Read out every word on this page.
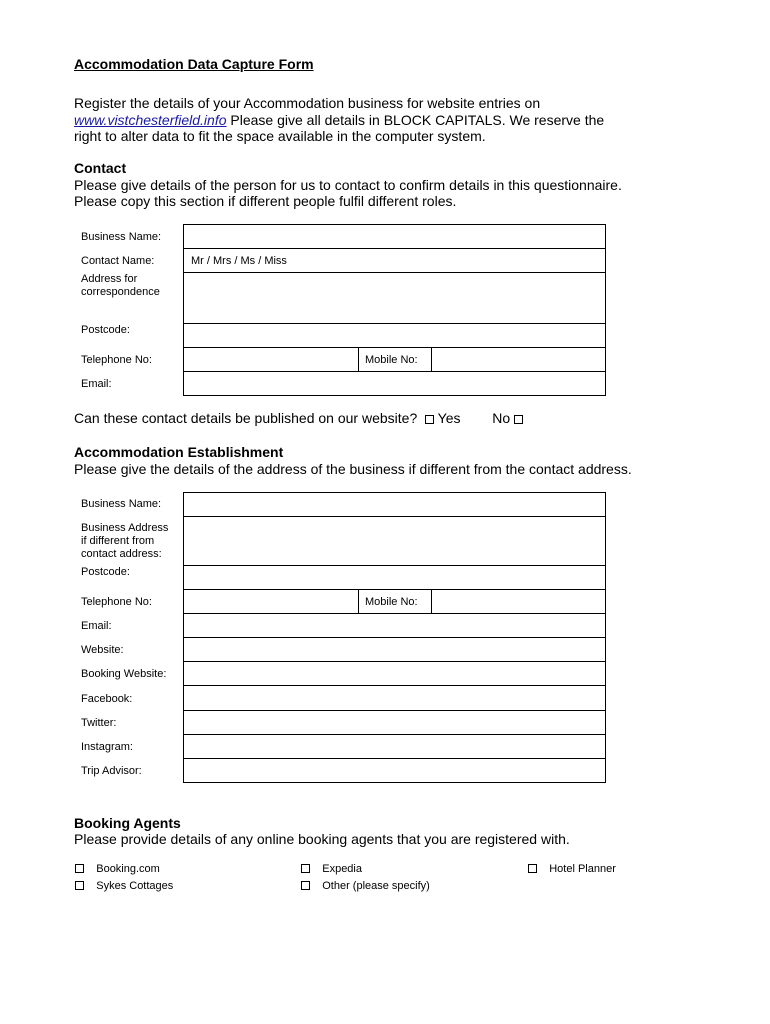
Accommodation Data Capture Form
Register the details of your Accommodation business for website entries on
www.vistchesterfield.info Please give all details in BLOCK CAPITALS. We reserve the
right to alter data to fit the space available in the computer system.
Contact
Please give details of the person for us to contact to confirm details in this questionnaire.
Please copy this section if different people fulfil different roles.
Business Name:
Contact Name:	Mr / Mrs / Ms / Miss
Address for
correspondence
Postcode:
Telephone No:	Mobile No:
Email:
Can these contact details be published on our website? Yes No
Accommodation Establishment
Please give the details of the address of the business if different from the contact address.
Business Name:
Business Address
if different from
contact address:
Postcode:
Telephone No:	Mobile No:
Email:
Website:
Booking Website:
Facebook:
Twitter:
Instagram:
Trip Advisor:
Booking Agents
Please provide details of any online booking agents that you are registered with.
Booking.com	Expedia	Hotel Planner
Sykes Cottages	Other (please specify)
